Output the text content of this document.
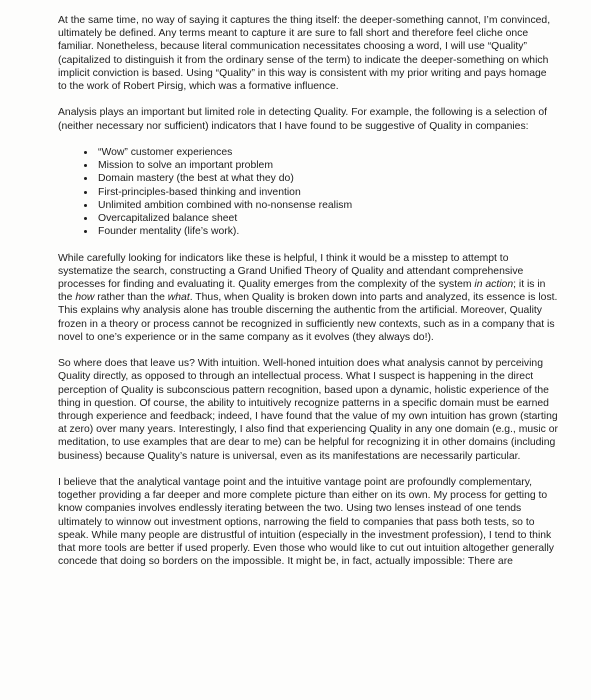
At the same time, no way of saying it captures the thing itself: the deeper-something cannot, I’m convinced, ultimately be defined. Any terms meant to capture it are sure to fall short and therefore feel cliche once familiar. Nonetheless, because literal communication necessitates choosing a word, I will use “Quality” (capitalized to distinguish it from the ordinary sense of the term) to indicate the deeper-something on which implicit conviction is based. Using “Quality” in this way is consistent with my prior writing and pays homage to the work of Robert Pirsig, which was a formative influence.

Analysis plays an important but limited role in detecting Quality. For example, the following is a selection of (neither necessary nor sufficient) indicators that I have found to be suggestive of Quality in companies:

• “Wow” customer experiences
• Mission to solve an important problem
• Domain mastery (the best at what they do)
• First-principles-based thinking and invention
• Unlimited ambition combined with no-nonsense realism
• Overcapitalized balance sheet
• Founder mentality (life’s work).

While carefully looking for indicators like these is helpful, I think it would be a misstep to attempt to systematize the search, constructing a Grand Unified Theory of Quality and attendant comprehensive processes for finding and evaluating it. Quality emerges from the complexity of the system in action; it is in the how rather than the what. Thus, when Quality is broken down into parts and analyzed, its essence is lost. This explains why analysis alone has trouble discerning the authentic from the artificial. Moreover, Quality frozen in a theory or process cannot be recognized in sufficiently new contexts, such as in a company that is novel to one’s experience or in the same company as it evolves (they always do!).

So where does that leave us? With intuition. Well-honed intuition does what analysis cannot by perceiving Quality directly, as opposed to through an intellectual process. What I suspect is happening in the direct perception of Quality is subconscious pattern recognition, based upon a dynamic, holistic experience of the thing in question. Of course, the ability to intuitively recognize patterns in a specific domain must be earned through experience and feedback; indeed, I have found that the value of my own intuition has grown (starting at zero) over many years. Interestingly, I also find that experiencing Quality in any one domain (e.g., music or meditation, to use examples that are dear to me) can be helpful for recognizing it in other domains (including business) because Quality’s nature is universal, even as its manifestations are necessarily particular.

I believe that the analytical vantage point and the intuitive vantage point are profoundly complementary, together providing a far deeper and more complete picture than either on its own. My process for getting to know companies involves endlessly iterating between the two. Using two lenses instead of one tends ultimately to winnow out investment options, narrowing the field to companies that pass both tests, so to speak. While many people are distrustful of intuition (especially in the investment profession), I tend to think that more tools are better if used properly. Even those who would like to cut out intuition altogether generally concede that doing so borders on the impossible. It might be, in fact, actually impossible: There are
